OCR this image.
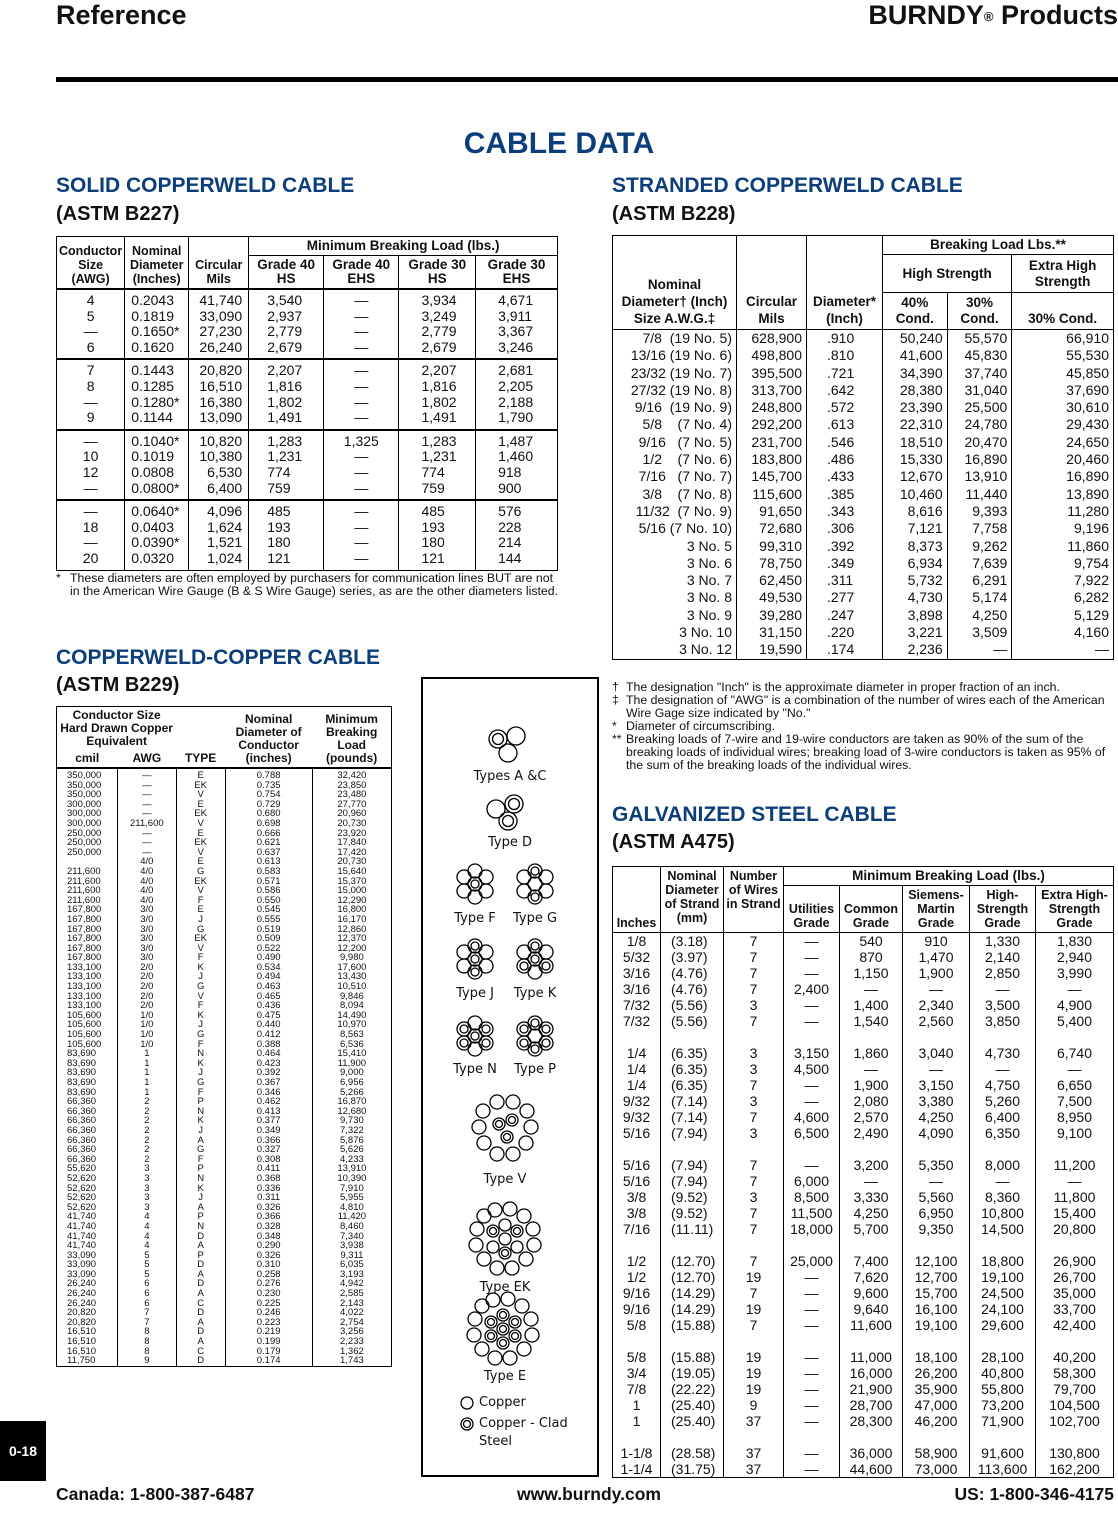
Reference	BURNDY® Products
CABLE DATA
SOLID COPPERWELD CABLE
(ASTM B227)
Conductor Size (AWG)	Nominal Diameter (Inches)	Circular Mils	Minimum Breaking Load (lbs.)			
			Grade 40 HS	Grade 40 EHS	Grade 30 HS	Grade 30 EHS
4	0.2043	41,740	3,540	—	3,934	4,671
5	0.1819	33,090	2,937	—	3,249	3,911
—	0.1650*	27,230	2,779	—	2,779	3,367
6	0.1620	26,240	2,679	—	2,679	3,246
7	0.1443	20,820	2,207	—	2,207	2,681
8	0.1285	16,510	1,816	—	1,816	2,205
—	0.1280*	16,380	1,802	—	1,802	2,188
9	0.1144	13,090	1,491	—	1,491	1,790
—	0.1040*	10,820	1,283	1,325	1,283	1,487
10	0.1019	10,380	1,231	—	1,231	1,460
12	0.0808	6,530	774	—	774	918
—	0.0800*	6,400	759	—	759	900
—	0.0640*	4,096	485	—	485	576
18	0.0403	1,624	193	—	193	228
—	0.0390*	1,521	180	—	180	214
20	0.0320	1,024	121	—	121	144
* These diameters are often employed by purchasers for communication lines BUT are not in the American Wire Gauge (B & S Wire Gauge) series, as are the other diameters listed.
COPPERWELD-COPPER CABLE
(ASTM B229)
Conductor Size Hard Drawn Copper Equivalent		TYPE	Nominal Diameter of Conductor (inches)	Minimum Breaking Load (pounds)
cmil	AWG			
350,000	—	E	0.788	32,420
350,000	—	EK	0.735	23,850
350,000	—	V	0.754	23,480
300,000	—	E	0.729	27,770
300,000	—	EK	0.680	20,960
300,000	211,600	V	0.698	20,730
250,000	—	E	0.666	23,920
250,000	—	EK	0.621	17,840
250,000	—	V	0.637	17,420
	4/0	E	0.613	20,730
211,600	4/0	G	0.583	15,640
211,600	4/0	EK	0.571	15,370
211,600	4/0	V	0.586	15,000
211,600	4/0	F	0.550	12,290
167,800	3/0	E	0.545	16,800
167,800	3/0	J	0.555	16,170
167,800	3/0	G	0.519	12,860
167,800	3/0	EK	0.509	12,370
167,800	3/0	V	0.522	12,200
167,800	3/0	F	0.490	9,980
133,100	2/0	K	0.534	17,600
133,100	2/0	J	0.494	13,430
133,100	2/0	G	0.463	10,510
133,100	2/0	V	0.465	9,846
133,100	2/0	F	0.436	8,094
105,600	1/0	K	0.475	14,490
105,600	1/0	J	0.440	10,970
105,600	1/0	G	0.412	8,563
105,600	1/0	F	0.388	6,536
83,690	1	N	0.464	15,410
83,690	1	K	0.423	11,900
83,690	1	J	0.392	9,000
83,690	1	G	0.367	6,956
83,690	1	F	0.346	5,266
66,360	2	P	0.462	16,870
66,360	2	N	0.413	12,680
66,360	2	K	0.377	9,730
66,360	2	J	0.349	7,322
66,360	2	A	0.366	5,876
66,360	2	G	0.327	5,626
66,360	2	F	0.308	4,233
55,620	3	P	0.411	13,910
52,620	3	N	0.368	10,390
52,620	3	K	0.336	7,910
52,620	3	J	0.311	5,955
52,620	3	A	0.326	4,810
41,740	4	P	0.366	11,420
41,740	4	N	0.328	8,460
41,740	4	D	0.348	7,340
41,740	4	A	0.290	3,938
33,090	5	P	0.326	9,311
33,090	5	D	0.310	6,035
33,090	5	A	0.258	3,193
26,240	6	D	0.276	4,942
26,240	6	A	0.230	2,585
26,240	6	C	0.225	2,143
20,820	7	D	0.246	4,022
20,820	7	A	0.223	2,754
16,510	8	D	0.219	3,256
16,510	8	A	0.199	2,233
16,510	8	C	0.179	1,362
11,750	9	D	0.174	1,743
Types A &C
Type D
Type F	Type G
Type J	Type K
Type N	Type P
Type V
Type EK
Type E
Copper
Copper - Clad
Steel
STRANDED COPPERWELD CABLE
(ASTM B228)
Nominal Diameter† (Inch) Size A.W.G.‡	Circular Mils	Diameter* (Inch)	Breaking Load Lbs.**		
			High Strength		Extra High Strength
			40% Cond.	30% Cond.	30% Cond.
7/8  (19 No. 5)	628,900	.910	50,240	55,570	66,910
13/16 (19 No. 6)	498,800	.810	41,600	45,830	55,530
23/32 (19 No. 7)	395,500	.721	34,390	37,740	45,850
27/32 (19 No. 8)	313,700	.642	28,380	31,040	37,690
9/16  (19 No. 9)	248,800	.572	23,390	25,500	30,610
5/8    (7 No. 4)	292,200	.613	22,310	24,780	29,430
9/16   (7 No. 5)	231,700	.546	18,510	20,470	24,650
1/2    (7 No. 6)	183,800	.486	15,330	16,890	20,460
7/16   (7 No. 7)	145,700	.433	12,670	13,910	16,890
3/8    (7 No. 8)	115,600	.385	10,460	11,440	13,890
11/32  (7 No. 9)	91,650	.343	8,616	9,393	11,280
5/16 (7 No. 10)	72,680	.306	7,121	7,758	9,196
3 No. 5	99,310	.392	8,373	9,262	11,860
3 No. 6	78,750	.349	6,934	7,639	9,754
3 No. 7	62,450	.311	5,732	6,291	7,922
3 No. 8	49,530	.277	4,730	5,174	6,282
3 No. 9	39,280	.247	3,898	4,250	5,129
3 No. 10	31,150	.220	3,221	3,509	4,160
3 No. 12	19,590	.174	2,236	—	—
† The designation "Inch" is the approximate diameter in proper fraction of an inch.
‡ The designation of "AWG" is a combination of the number of wires each of the American Wire Gage size indicated by "No."
* Diameter of circumscribing.
** Breaking loads of 7-wire and 19-wire conductors are taken as 90% of the sum of the breaking loads of individual wires; breaking load of 3-wire conductors is taken as 95% of the sum of the breaking loads of the individual wires.
GALVANIZED STEEL CABLE
(ASTM A475)
Inches	Nominal Diameter of Strand (mm)	Number of Wires in Strand	Minimum Breaking Load (lbs.)				
			Utilities Grade	Common Grade	Siemens-Martin Grade	High-Strength Grade	Extra High-Strength Grade
1/8	(3.18)	7	—	540	910	1,330	1,830
5/32	(3.97)	7	—	870	1,470	2,140	2,940
3/16	(4.76)	7	—	1,150	1,900	2,850	3,990
3/16	(4.76)	7	2,400	—	—	—	—
7/32	(5.56)	3	—	1,400	2,340	3,500	4,900
7/32	(5.56)	7	—	1,540	2,560	3,850	5,400
1/4	(6.35)	3	3,150	1,860	3,040	4,730	6,740
1/4	(6.35)	3	4,500	—	—	—	—
1/4	(6.35)	7	—	1,900	3,150	4,750	6,650
9/32	(7.14)	3	—	2,080	3,380	5,260	7,500
9/32	(7.14)	7	4,600	2,570	4,250	6,400	8,950
5/16	(7.94)	3	6,500	2,490	4,090	6,350	9,100
5/16	(7.94)	7	—	3,200	5,350	8,000	11,200
5/16	(7.94)	7	6,000	—	—	—	—
3/8	(9.52)	3	8,500	3,330	5,560	8,360	11,800
3/8	(9.52)	7	11,500	4,250	6,950	10,800	15,400
7/16	(11.11)	7	18,000	5,700	9,350	14,500	20,800
1/2	(12.70)	7	25,000	7,400	12,100	18,800	26,900
1/2	(12.70)	19	—	7,620	12,700	19,100	26,700
9/16	(14.29)	7	—	9,600	15,700	24,500	35,000
9/16	(14.29)	19	—	9,640	16,100	24,100	33,700
5/8	(15.88)	7	—	11,600	19,100	29,600	42,400
5/8	(15.88)	19	—	11,000	18,100	28,100	40,200
3/4	(19.05)	19	—	16,000	26,200	40,800	58,300
7/8	(22.22)	19	—	21,900	35,900	55,800	79,700
1	(25.40)	9	—	28,700	47,000	73,200	104,500
1	(25.40)	37	—	28,300	46,200	71,900	102,700
1-1/8	(28.58)	37	—	36,000	58,900	91,600	130,800
1-1/4	(31.75)	37	—	44,600	73,000	113,600	162,200
0-18
Canada: 1-800-387-6487	www.burndy.com	US: 1-800-346-4175
